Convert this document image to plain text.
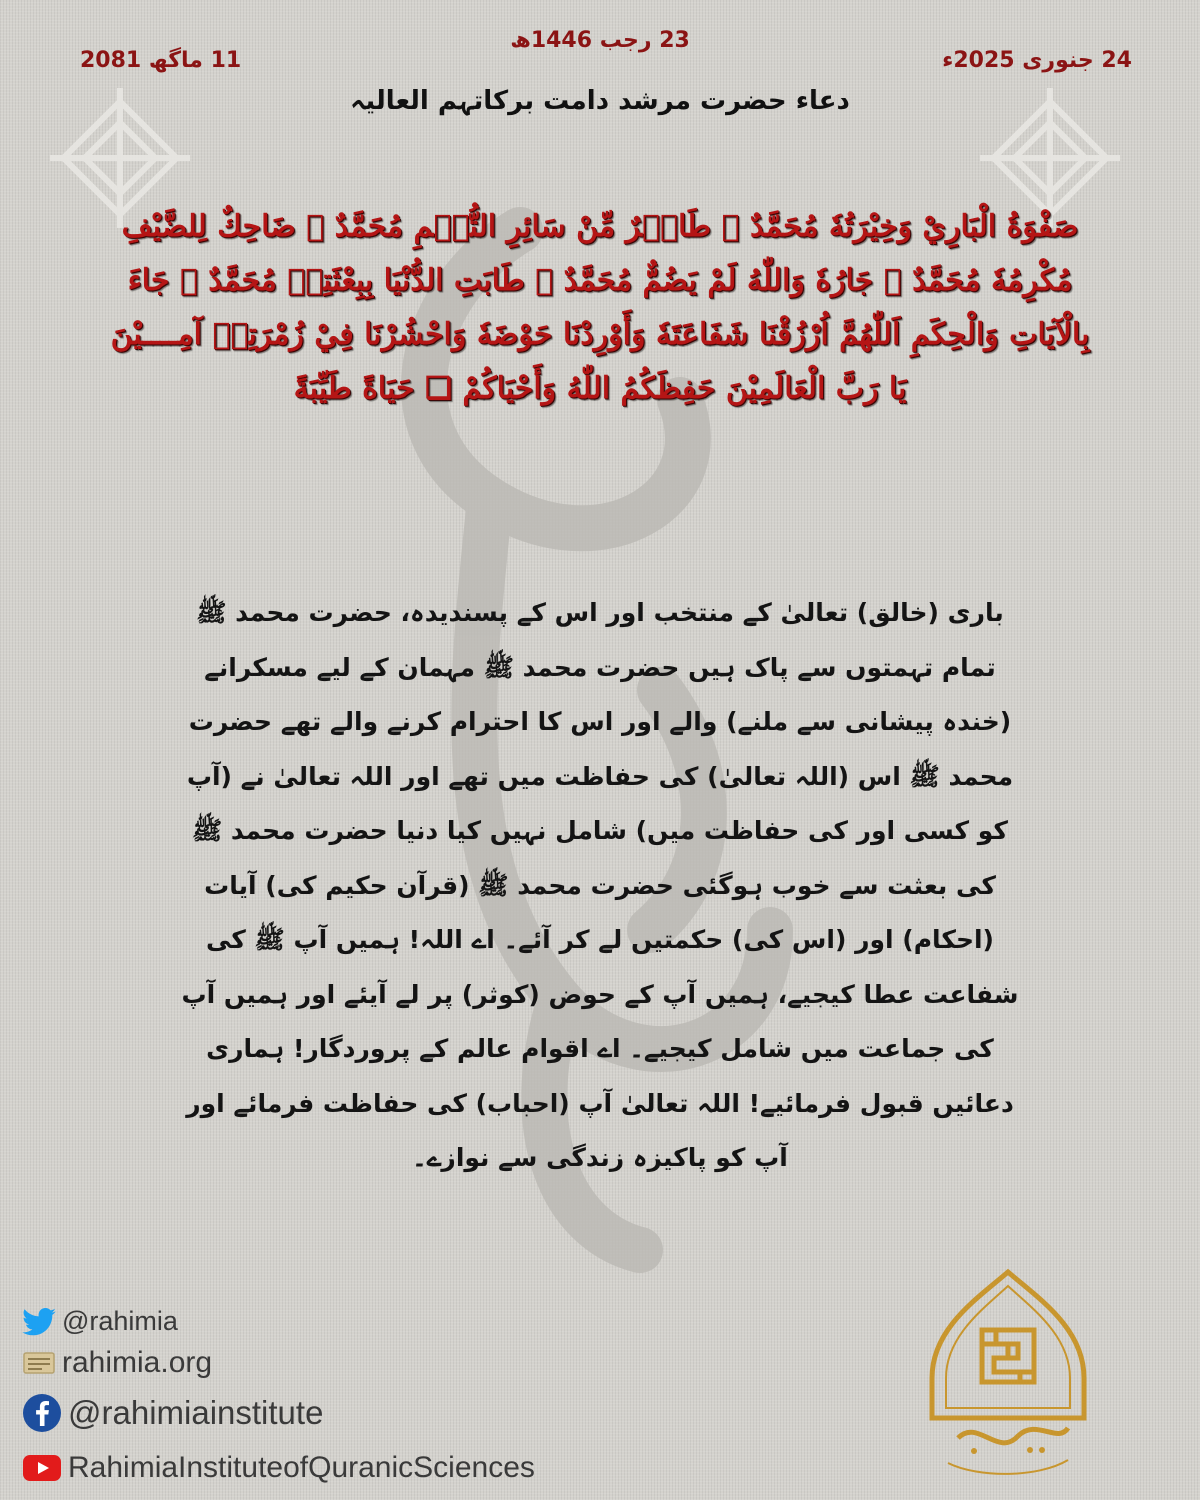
23 رجب 1446ھ
24 جنوری 2025ء
11 ماگھ 2081
دعاء حضرت مرشد دامت برکاتہم العالیہ
صَفْوَةُ الْبَارِيْ وَخِيْرَتُهٗ مُحَمَّدٌ ﷺ طَاہِرٌ مِّنْ سَائِرِ التُّہَمِ مُحَمَّدٌ ﷺ ضَاحِكٌ لِلضَّيْفِ مُكْرِمُهٗ مُحَمَّدٌ ﷺ جَارُهٗ وَاللّٰهُ لَمْ يَضُمٌّ مُحَمَّدٌ ﷺ طَابَتِ الدُّنْيَا بِبِعْثَتِهٖ مُحَمَّدٌ ﷺ جَاءَ بِالْآيَاتِ وَالْحِكَمِ اَللّٰهُمَّ اُرْزُقْنَا شَفَاعَتَهٗ وَأَوْرِدْنَا حَوْضَهٗ وَاحْشُرْنَا فِيْ زُمْرَتِهٖ آمِــــيْنَ يَا رَبَّ الْعَالَمِيْنَ حَفِظَكُمُ اللّٰهُ وَأَحْيَاكُمْ ❏ حَيَاةً طَيِّبَةً
باری (خالق) تعالیٰ کے منتخب اور اس کے پسندیدہ، حضرت محمد ﷺ تمام تہمتوں سے پاک ہیں حضرت محمد ﷺ مہمان کے لیے مسکرانے (خندہ پیشانی سے ملنے) والے اور اس کا احترام کرنے والے تھے حضرت محمد ﷺ اس (اللہ تعالیٰ) کی حفاظت میں تھے اور اللہ تعالیٰ نے (آپ کو کسی اور کی حفاظت میں) شامل نہیں کیا دنیا حضرت محمد ﷺ کی بعثت سے خوب ہوگئی حضرت محمد ﷺ (قرآن حکیم کی) آیات (احکام) اور (اس کی) حکمتیں لے کر آئے۔ اے اللہ! ہمیں آپ ﷺ کی شفاعت عطا کیجیے، ہمیں آپ کے حوض (کوثر) پر لے آیئے اور ہمیں آپ کی جماعت میں شامل کیجیے۔ اے اقوام عالم کے پروردگار! ہماری دعائیں قبول فرمائیے! اللہ تعالیٰ آپ (احباب) کی حفاظت فرمائے اور آپ کو پاکیزہ زندگی سے نوازے۔
@rahimia
rahimia.org
@rahimiainstitute
RahimiaInstituteofQuranicSciences
